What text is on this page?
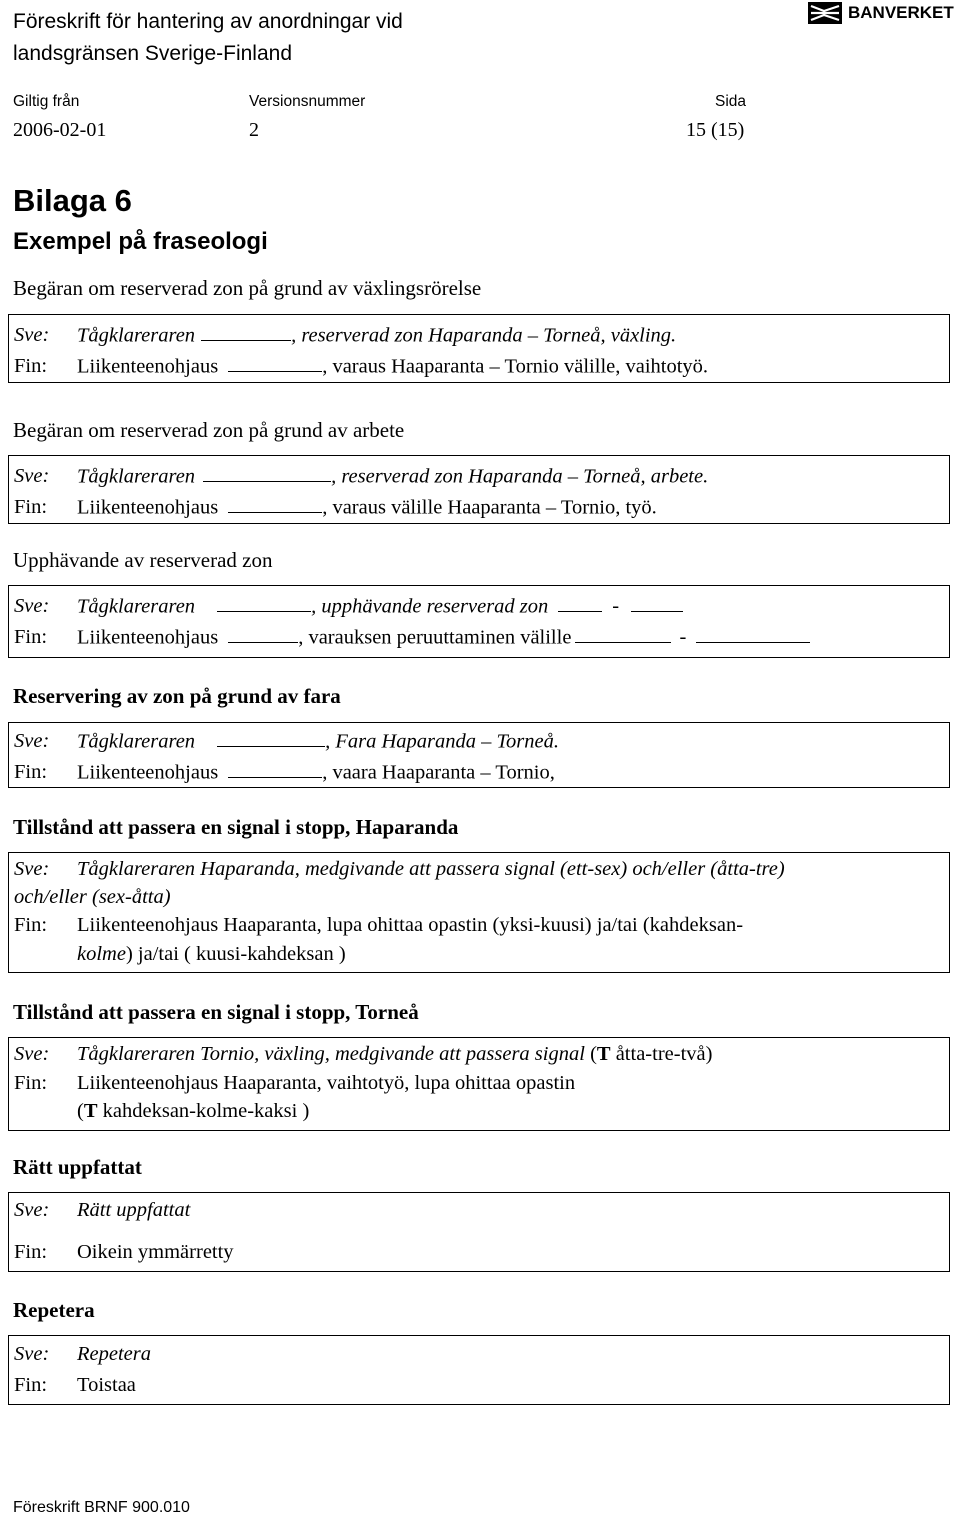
Föreskrift för hantering av anordningar vid
landsgränsen Sverige-Finland
BANVERKET
Giltig från	Versionsnummer	Sida
2006-02-01	2	15 (15)
Bilaga 6
Exempel på fraseologi
Begäran om reserverad zon på grund av växlingsrörelse
Sve: Tågklareraren	, reserverad zon Haparanda – Torneå, växling.
Fin: Liikenteenohjaus	, varaus Haaparanta – Tornio välille, vaihtotyö.
Begäran om reserverad zon på grund av arbete
Sve: Tågklareraren	, reserverad zon Haparanda – Torneå, arbete.
Fin: Liikenteenohjaus	, varaus välille Haaparanta – Tornio, työ.
Upphävande av reserverad zon
Sve: Tågklareraren	, upphävande reserverad zon	-
Fin: Liikenteenohjaus	, varauksen peruuttaminen välille	-
Reservering av zon på grund av fara
Sve: Tågklareraren	, Fara Haparanda – Torneå.
Fin: Liikenteenohjaus	, vaara Haaparanta – Tornio,
Tillstånd att passera en signal i stopp, Haparanda
Sve: Tågklareraren Haparanda, medgivande att passera signal (ett-sex) och/eller (åtta-tre)
och/eller (sex-åtta)
Fin: Liikenteenohjaus Haaparanta, lupa ohittaa opastin (yksi-kuusi) ja/tai (kahdeksan-
kolme) ja/tai ( kuusi-kahdeksan )
Tillstånd att passera en signal i stopp, Torneå
Sve: Tågklareraren Tornio, växling, medgivande att passera signal (T åtta-tre-två)
Fin: Liikenteenohjaus Haaparanta, vaihtotyö, lupa ohittaa opastin
(T kahdeksan-kolme-kaksi )
Rätt uppfattat
Sve: Rätt uppfattat
Fin: Oikein ymmärretty
Repetera
Sve: Repetera
Fin: Toistaa
Föreskrift BRNF 900.010
